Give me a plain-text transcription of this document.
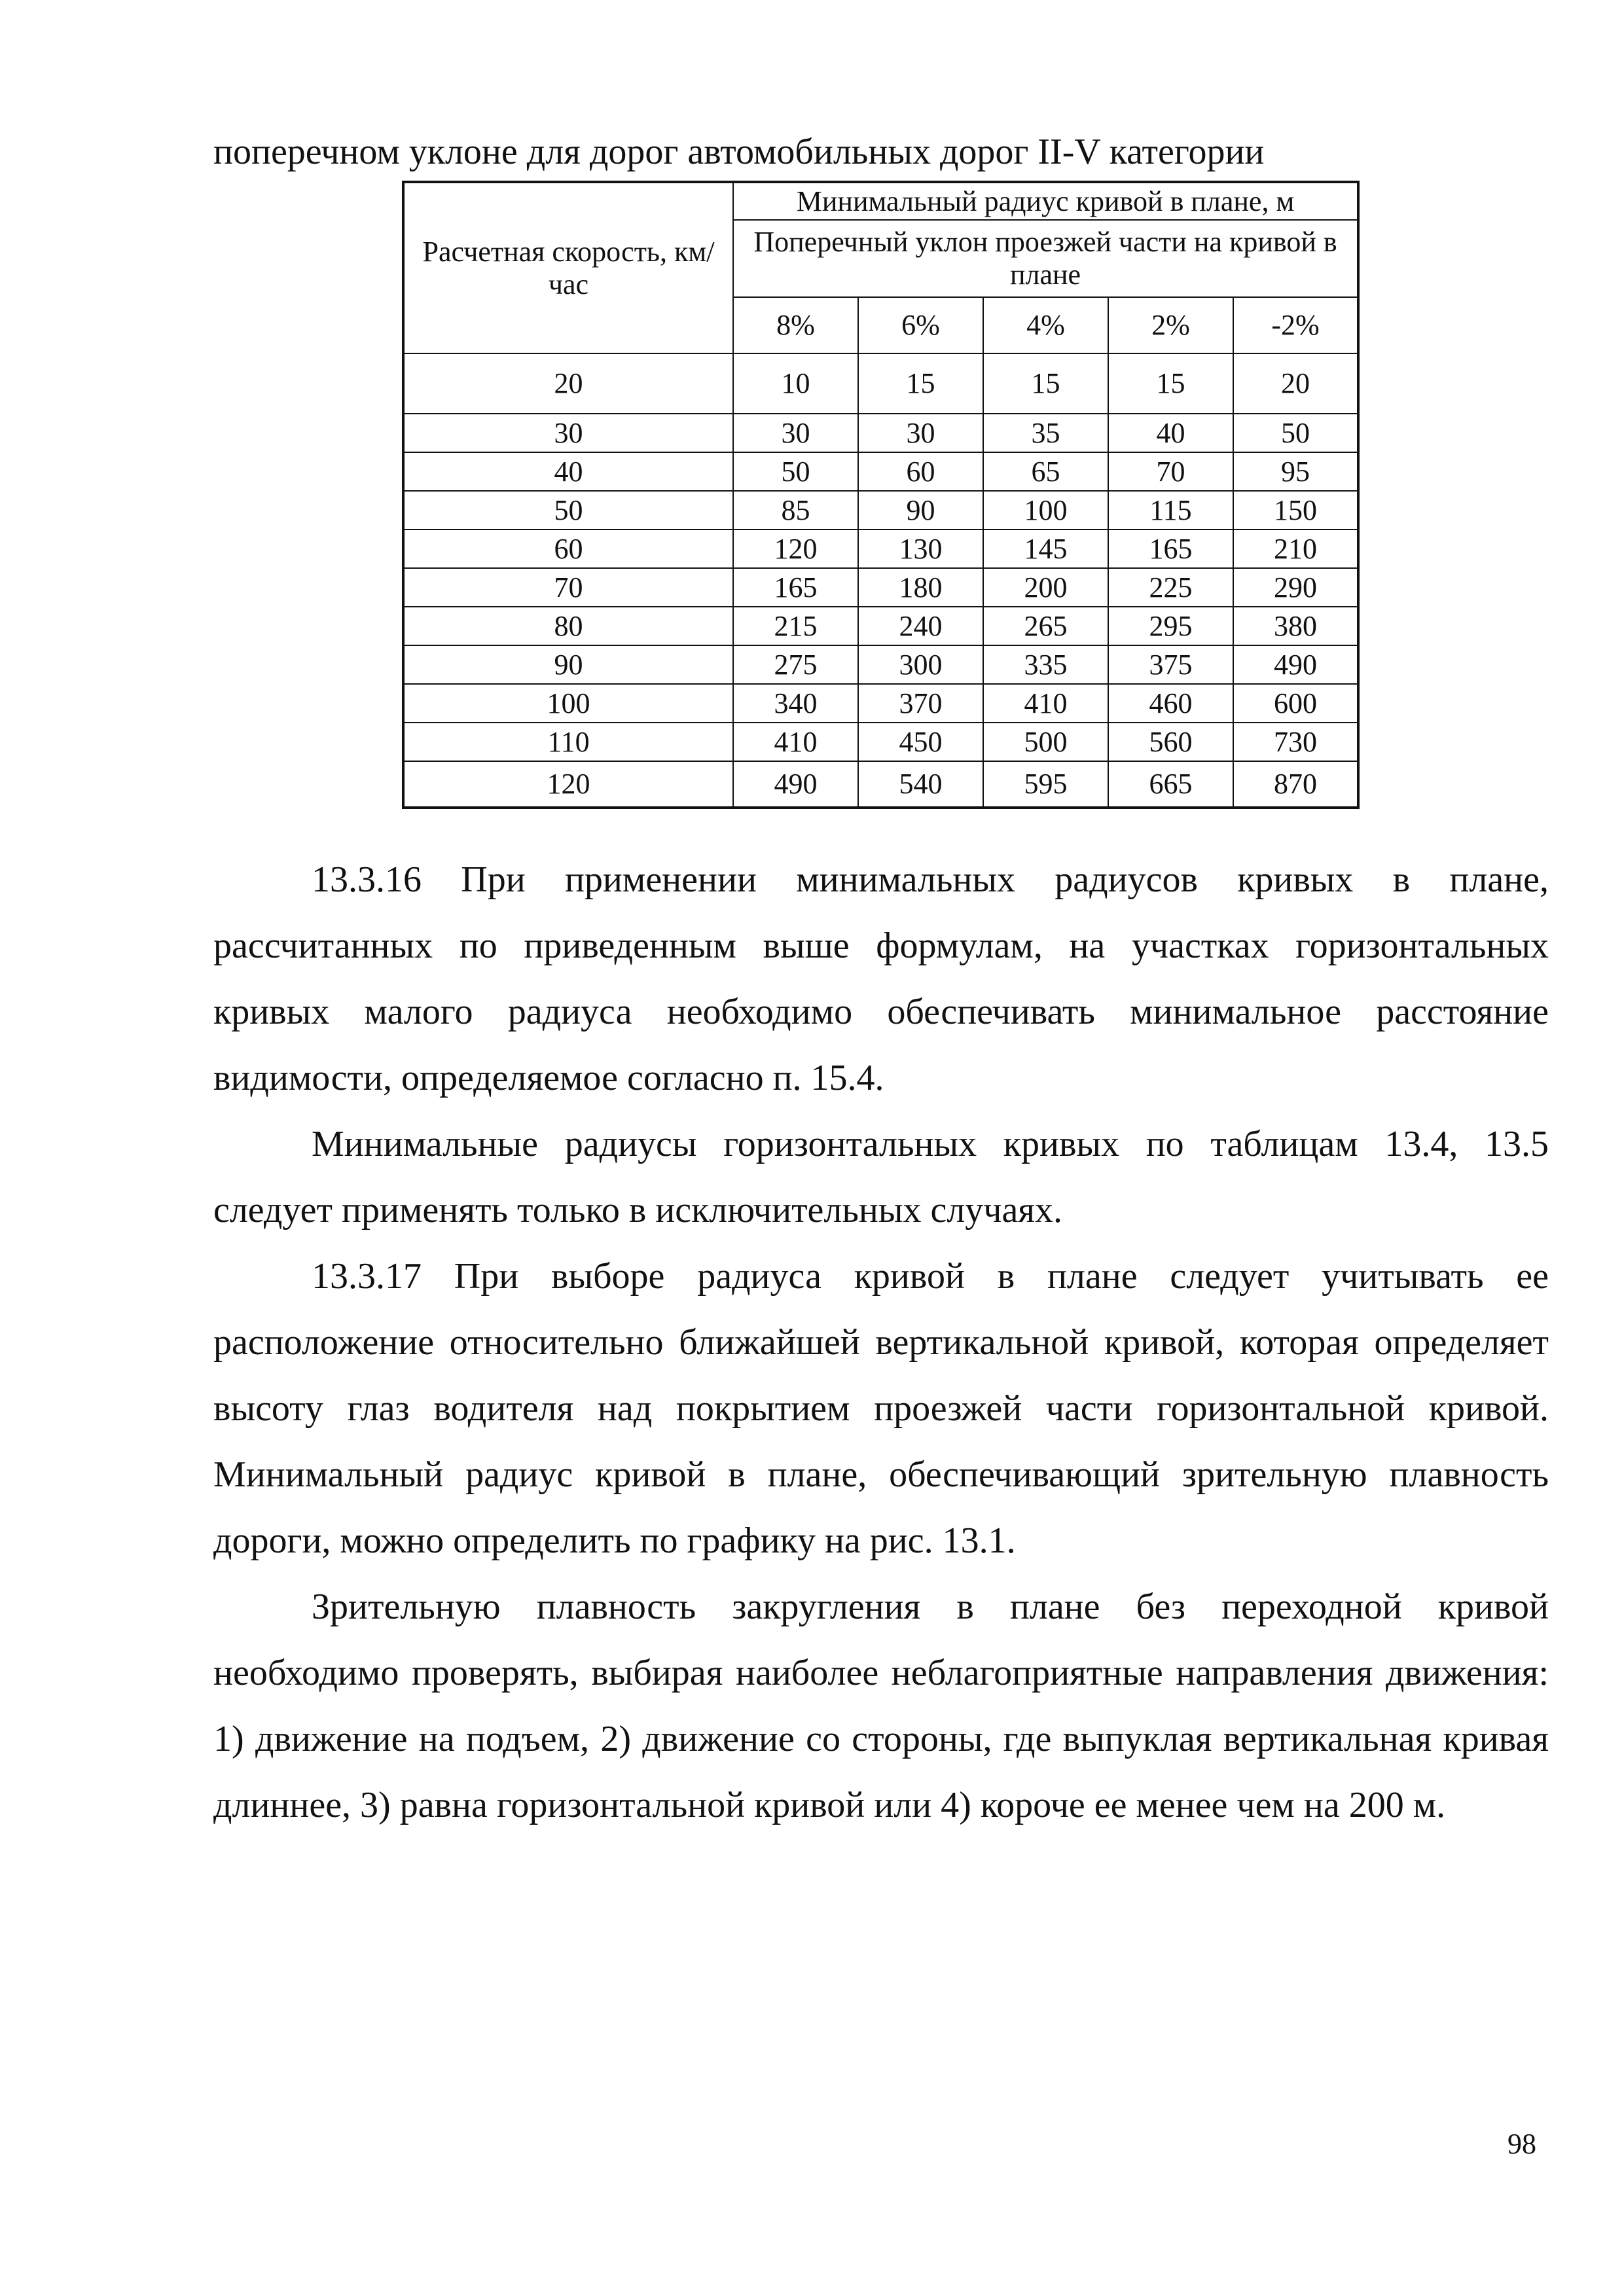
поперечном уклоне для дорог автомобильных дорог II-V категории
Расчетная скорость, км/час	Минимальный радиус кривой в плане, м				
	Поперечный уклон проезжей части на кривой в плане				
	8%	6%	4%	2%	-2%
20	10	15	15	15	20
30	30	30	35	40	50
40	50	60	65	70	95
50	85	90	100	115	150
60	120	130	145	165	210
70	165	180	200	225	290
80	215	240	265	295	380
90	275	300	335	375	490
100	340	370	410	460	600
110	410	450	500	560	730
120	490	540	595	665	870

13.3.16 При применении минимальных радиусов кривых в плане, рассчитанных по приведенным выше формулам, на участках горизонтальных кривых малого радиуса необходимо обеспечивать минимальное расстояние видимости, определяемое согласно п. 15.4.

Минимальные радиусы горизонтальных кривых по таблицам 13.4, 13.5 следует применять только в исключительных случаях.

13.3.17 При выборе радиуса кривой в плане следует учитывать ее расположение относительно ближайшей вертикальной кривой, которая определяет высоту глаз водителя над покрытием проезжей части горизонтальной кривой. Минимальный радиус кривой в плане, обеспечивающий зрительную плавность дороги, можно определить по графику на рис. 13.1.

Зрительную плавность закругления в плане без переходной кривой необходимо проверять, выбирая наиболее неблагоприятные направления движения: 1) движение на подъем, 2) движение со стороны, где выпуклая вертикальная кривая длиннее, 3) равна горизонтальной кривой или 4) короче ее менее чем на 200 м.

98
